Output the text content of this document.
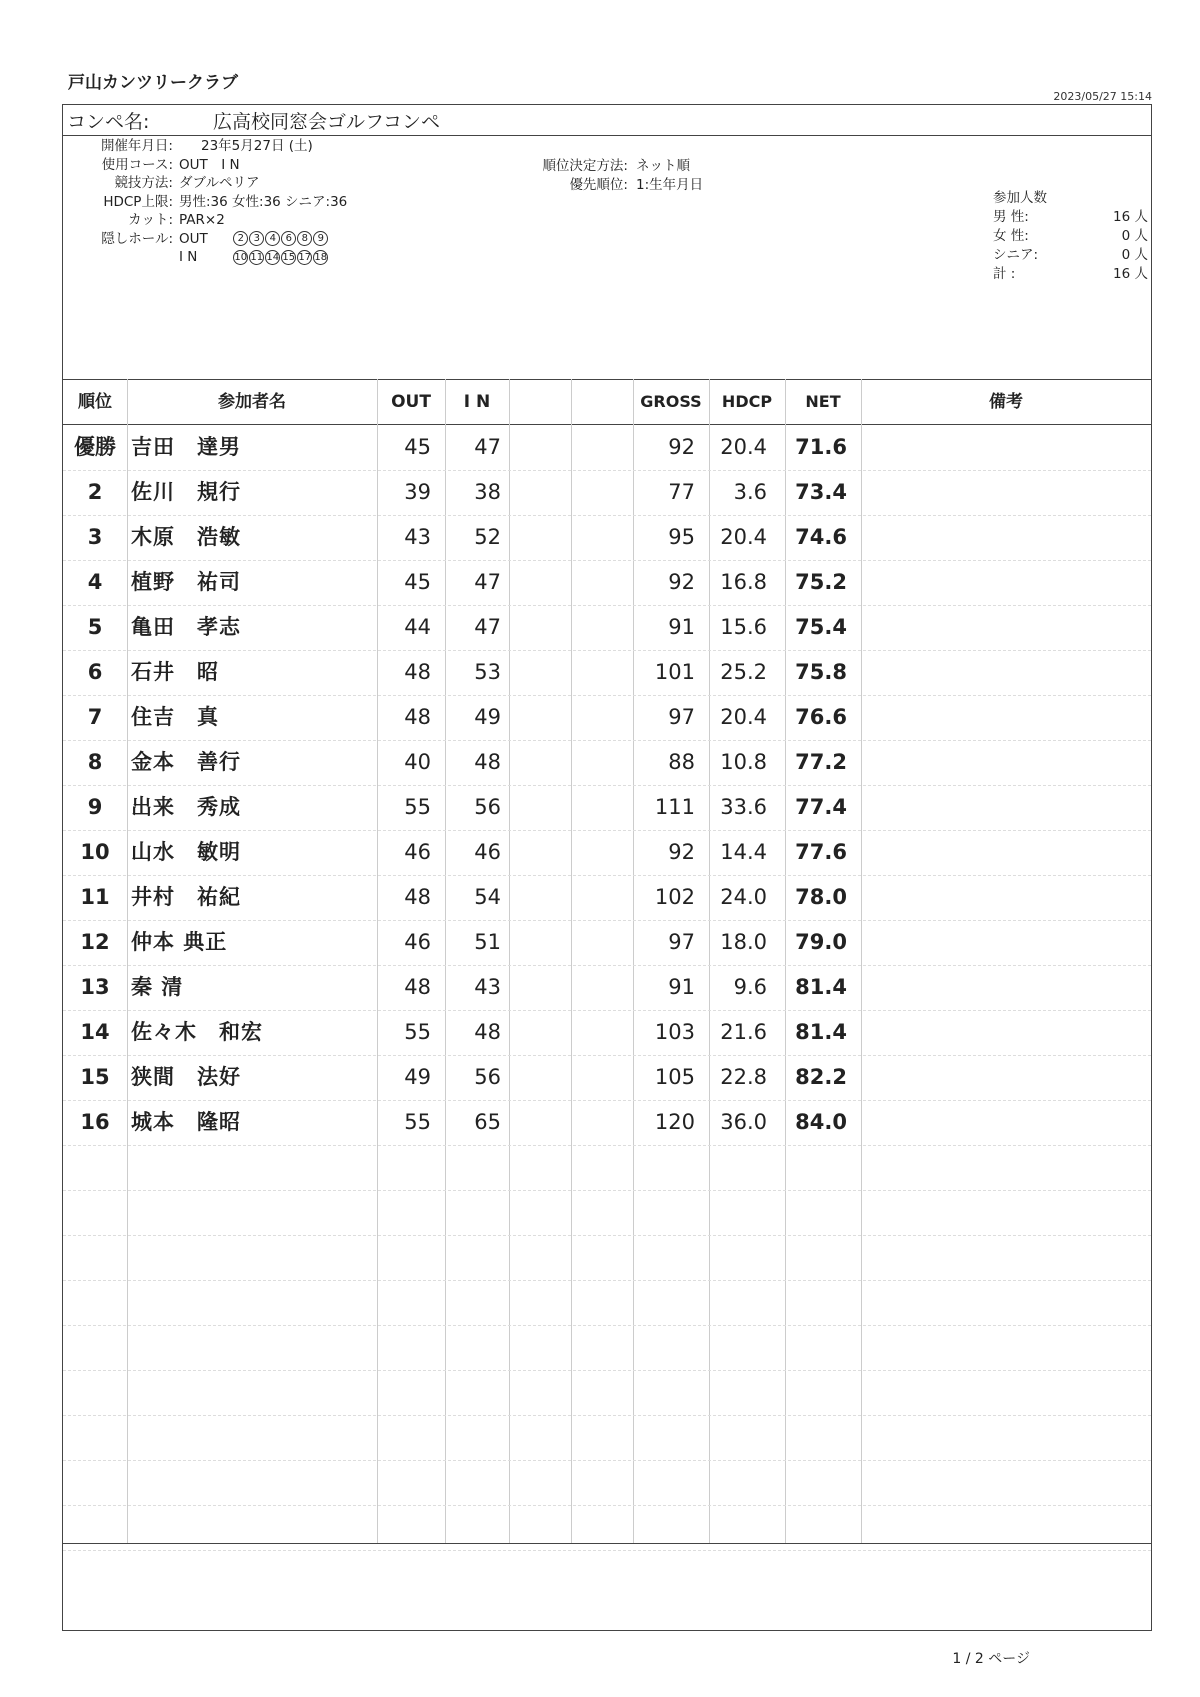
戸山カンツリークラブ
2023/05/27 15:14
コンペ名:	広高校同窓会ゴルフコンペ
開催年月日: 23年5月27日 (土)
使用コース: OUT　I N
競技方法: ダブルペリア
HDCP上限: 男性:36 女性:36 シニア:36
カット: PAR×2
隠しホール: OUT	2 3 4 6 8 9
I N	10 11 14 15 17 18
順位決定方法: ネット順
優先順位: 1:生年月日
参加人数
男 性:	16 人
女 性:	0 人
シニア:	0 人
計 :	16 人
順位	参加者名	OUT	I N	GROSS	HDCP	NET	備考
優勝 吉田　達男	45	47	92	20.4	71.6
2	佐川　規行	39	38	77	3.6	73.4
3	木原　浩敏	43	52	95	20.4	74.6
4	植野　祐司	45	47	92	16.8	75.2
5	亀田　孝志	44	47	91	15.6	75.4
6	石井　昭	48	53	101	25.2	75.8
7	住吉　真	48	49	97	20.4	76.6
8	金本　善行	40	48	88	10.8	77.2
9	出来　秀成	55	56	111	33.6	77.4
10	山水　敏明	46	46	92	14.4	77.6
11	井村　祐紀	48	54	102	24.0	78.0
12	仲本 典正	46	51	97	18.0	79.0
13	秦 清	48	43	91	9.6	81.4
14	佐々木　和宏	55	48	103	21.6	81.4
15	狭間　法好	49	56	105	22.8	82.2
16	城本　隆昭	55	65	120	36.0	84.0
1 / 2 ページ
